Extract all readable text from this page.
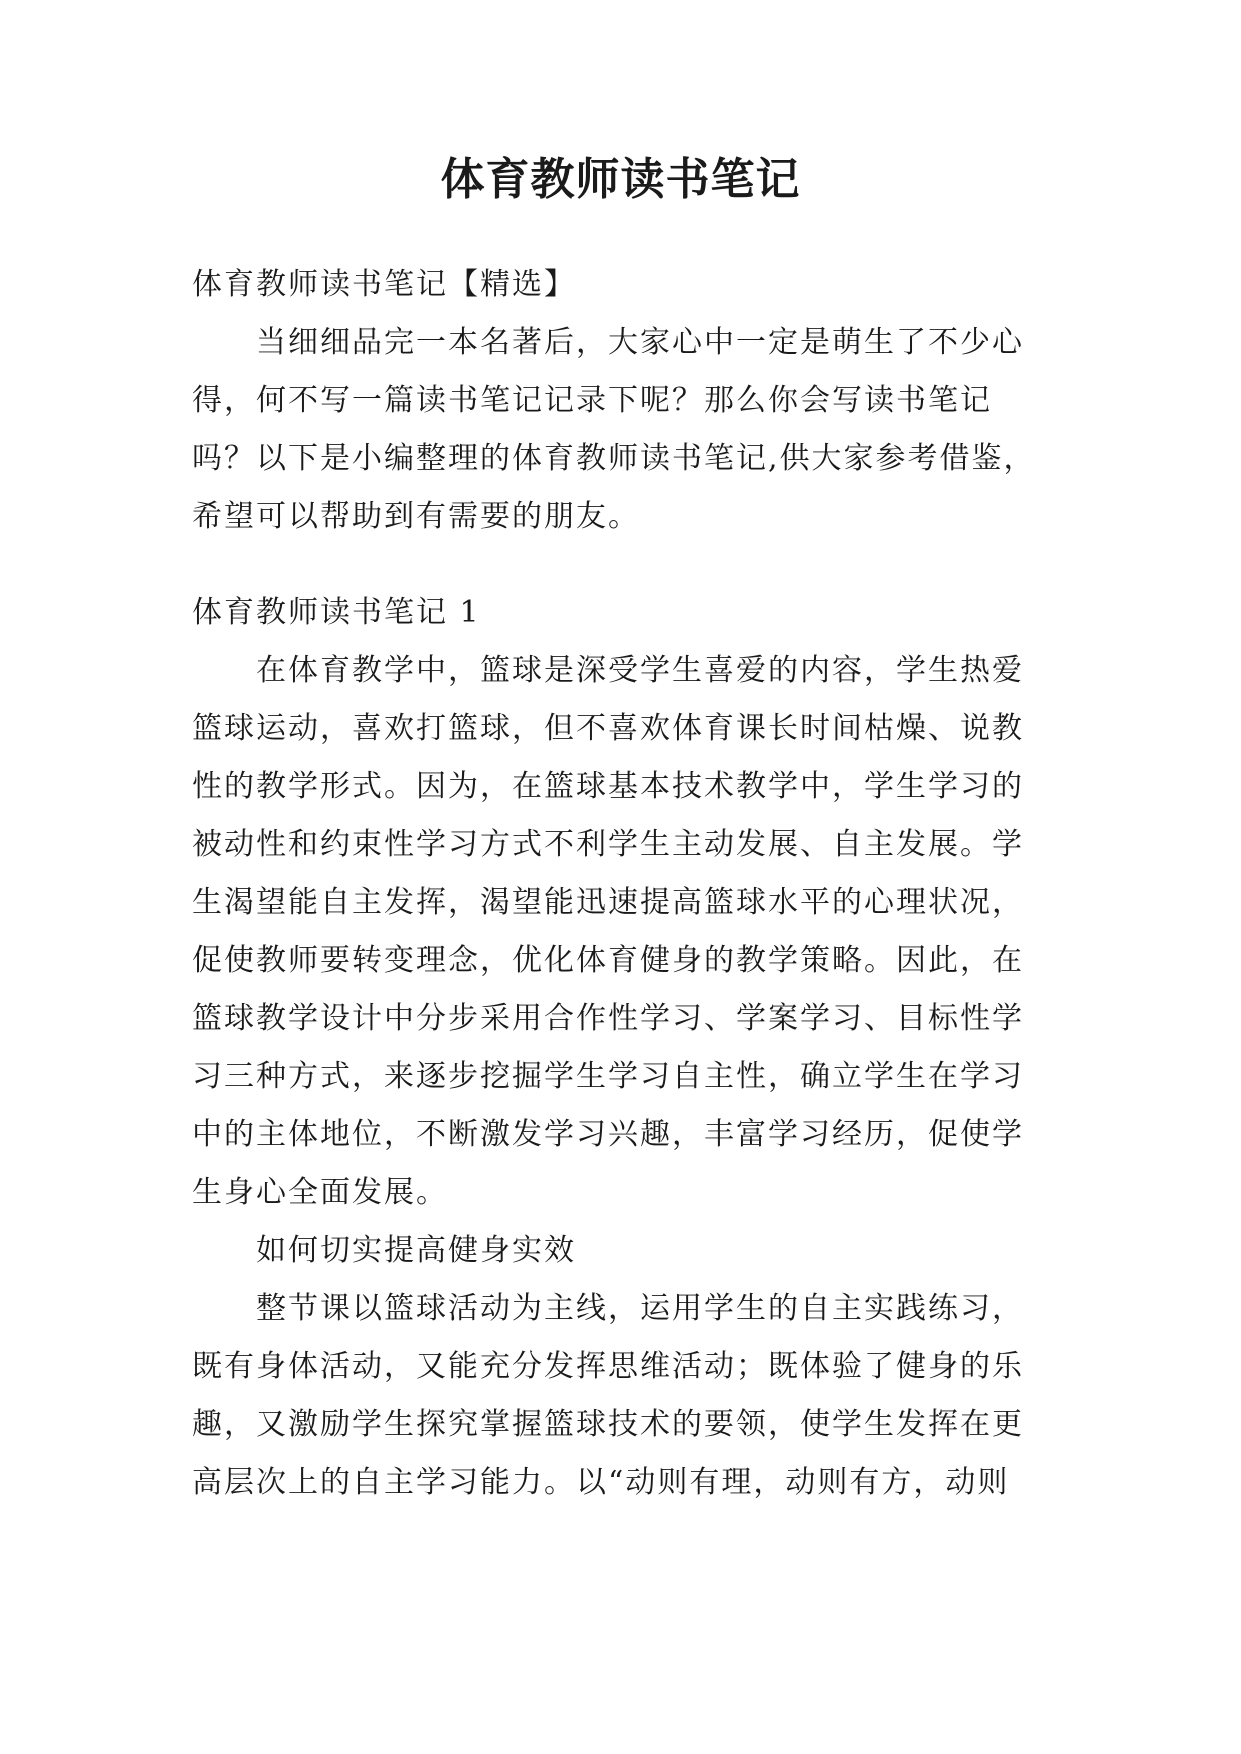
体育教师读书笔记
体育教师读书笔记【精选】
当细细品完一本名著后，大家心中一定是萌生了不少心
得，何不写一篇读书笔记记录下呢？那么你会写读书笔记
吗？以下是小编整理的体育教师读书笔记,供大家参考借鉴，
希望可以帮助到有需要的朋友。
体育教师读书笔记 1
在体育教学中，篮球是深受学生喜爱的内容，学生热爱
篮球运动，喜欢打篮球，但不喜欢体育课长时间枯燥、说教
性的教学形式。因为，在篮球基本技术教学中，学生学习的
被动性和约束性学习方式不利学生主动发展、自主发展。学
生渴望能自主发挥，渴望能迅速提高篮球水平的心理状况，
促使教师要转变理念，优化体育健身的教学策略。因此，在
篮球教学设计中分步采用合作性学习、学案学习、目标性学
习三种方式，来逐步挖掘学生学习自主性，确立学生在学习
中的主体地位，不断激发学习兴趣，丰富学习经历，促使学
生身心全面发展。
如何切实提高健身实效
整节课以篮球活动为主线，运用学生的自主实践练习，
既有身体活动，又能充分发挥思维活动；既体验了健身的乐
趣，又激励学生探究掌握篮球技术的要领，使学生发挥在更
高层次上的自主学习能力。以“动则有理，动则有方，动则
